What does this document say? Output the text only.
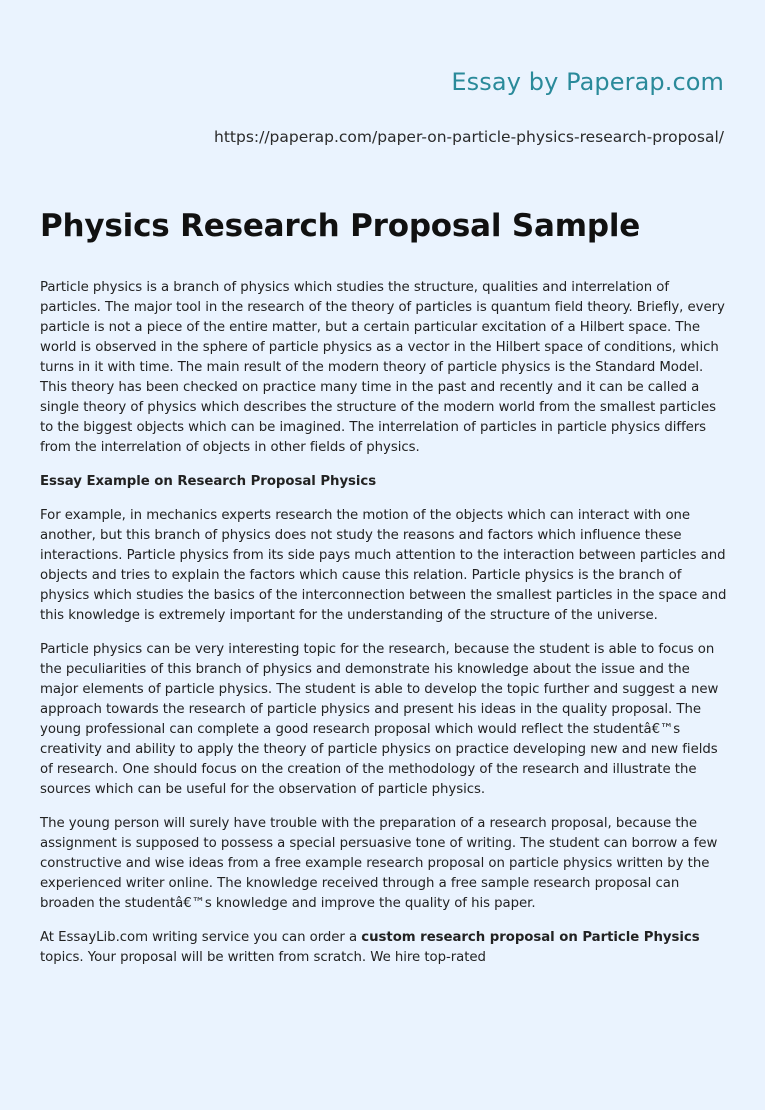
Essay by Paperap.com
https://paperap.com/paper-on-particle-physics-research-proposal/
Physics Research Proposal Sample

Particle physics is a branch of physics which studies the structure, qualities and interrelation of particles. The major tool in the research of the theory of particles is quantum field theory. Briefly, every particle is not a piece of the entire matter, but a certain particular excitation of a Hilbert space. The world is observed in the sphere of particle physics as a vector in the Hilbert space of conditions, which turns in it with time. The main result of the modern theory of particle physics is the Standard Model. This theory has been checked on practice many time in the past and recently and it can be called a single theory of physics which describes the structure of the modern world from the smallest particles to the biggest objects which can be imagined. The interrelation of particles in particle physics differs from the interrelation of objects in other fields of physics.

Essay Example on Research Proposal Physics

For example, in mechanics experts research the motion of the objects which can interact with one another, but this branch of physics does not study the reasons and factors which influence these interactions. Particle physics from its side pays much attention to the interaction between particles and objects and tries to explain the factors which cause this relation. Particle physics is the branch of physics which studies the basics of the interconnection between the smallest particles in the space and this knowledge is extremely important for the understanding of the structure of the universe.

Particle physics can be very interesting topic for the research, because the student is able to focus on the peculiarities of this branch of physics and demonstrate his knowledge about the issue and the major elements of particle physics. The student is able to develop the topic further and suggest a new approach towards the research of particle physics and present his ideas in the quality proposal. The young professional can complete a good research proposal which would reflect the studentâ€™s creativity and ability to apply the theory of particle physics on practice developing new and new fields of research. One should focus on the creation of the methodology of the research and illustrate the sources which can be useful for the observation of particle physics.

The young person will surely have trouble with the preparation of a research proposal, because the assignment is supposed to possess a special persuasive tone of writing. The student can borrow a few constructive and wise ideas from a free example research proposal on particle physics written by the experienced writer online. The knowledge received through a free sample research proposal can broaden the studentâ€™s knowledge and improve the quality of his paper.

At EssayLib.com writing service you can order a custom research proposal on Particle Physics topics. Your proposal will be written from scratch. We hire top-rated
